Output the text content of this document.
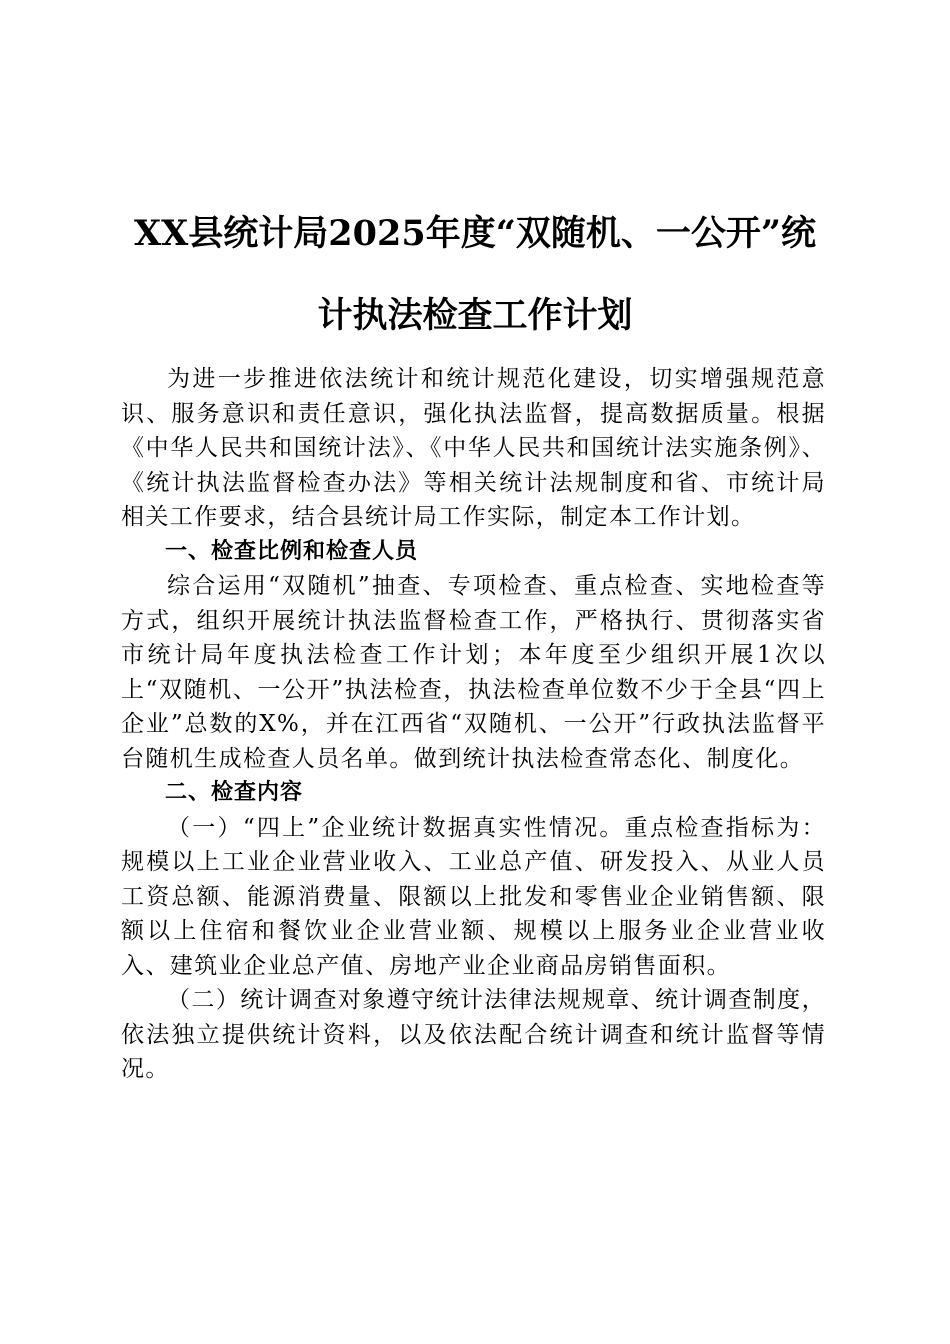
XX县统计局2025年度“双随机、一公开”统计执法检查工作计划

为进一步推进依法统计和统计规范化建设，切实增强规范意识、服务意识和责任意识，强化执法监督，提高数据质量。根据《中华人民共和国统计法》、《中华人民共和国统计法实施条例》、《统计执法监督检查办法》等相关统计法规制度和省、市统计局相关工作要求，结合县统计局工作实际，制定本工作计划。

一、检查比例和检查人员

综合运用“双随机”抽查、专项检查、重点检查、实地检查等方式，组织开展统计执法监督检查工作，严格执行、贯彻落实省市统计局年度执法检查工作计划；本年度至少组织开展1次以上“双随机、一公开”执法检查，执法检查单位数不少于全县“四上企业”总数的X%，并在江西省“双随机、一公开”行政执法监督平台随机生成检查人员名单。做到统计执法检查常态化、制度化。

二、检查内容

（一）“四上”企业统计数据真实性情况。重点检查指标为：规模以上工业企业营业收入、工业总产值、研发投入、从业人员工资总额、能源消费量、限额以上批发和零售业企业销售额、限额以上住宿和餐饮业企业营业额、规模以上服务业企业营业收入、建筑业企业总产值、房地产业企业商品房销售面积。

（二）统计调查对象遵守统计法律法规规章、统计调查制度，依法独立提供统计资料，以及依法配合统计调查和统计监督等情况。
